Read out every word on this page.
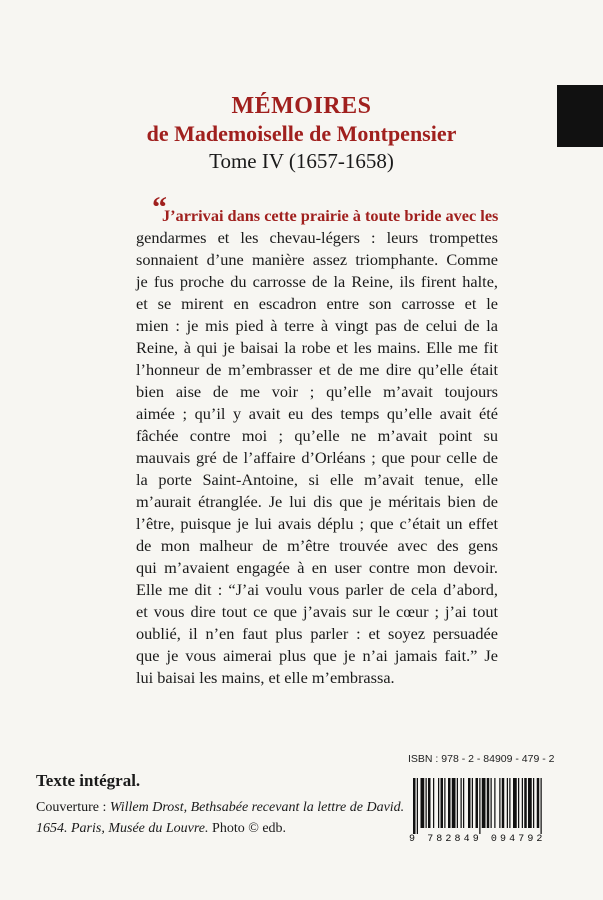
MÉMOIRES
de Mademoiselle de Montpensier
Tome IV (1657-1658)
“
J’arrivai dans cette prairie à toute bride avec les
gendarmes et les chevau-légers : leurs trompettes
sonnaient d’une manière assez triomphante. Comme
je fus proche du carrosse de la Reine, ils firent halte,
et se mirent en escadron entre son carrosse et le
mien : je mis pied à terre à vingt pas de celui de la
Reine, à qui je baisai la robe et les mains. Elle me fit
l’honneur de m’embrasser et de me dire qu’elle était
bien aise de me voir ; qu’elle m’avait toujours
aimée ; qu’il y avait eu des temps qu’elle avait été
fâchée contre moi ; qu’elle ne m’avait point su
mauvais gré de l’affaire d’Orléans ; que pour celle de
la porte Saint-Antoine, si elle m’avait tenue, elle
m’aurait étranglée. Je lui dis que je méritais bien de
l’être, puisque je lui avais déplu ; que c’était un effet
de mon malheur de m’être trouvée avec des gens
qui m’avaient engagée à en user contre mon devoir.
Elle me dit : “J’ai voulu vous parler de cela d’abord,
et vous dire tout ce que j’avais sur le cœur ; j’ai tout
oublié, il n’en faut plus parler : et soyez persuadée
que je vous aimerai plus que je n’ai jamais fait.” Je
lui baisai les mains, et elle m’embrassa.
ISBN : 978 - 2 - 84909 - 479 - 2
9 782849 094792
Texte intégral.
Couverture : Willem Drost, Bethsabée recevant la lettre de David. 1654. Paris, Musée du Louvre. Photo © edb.
